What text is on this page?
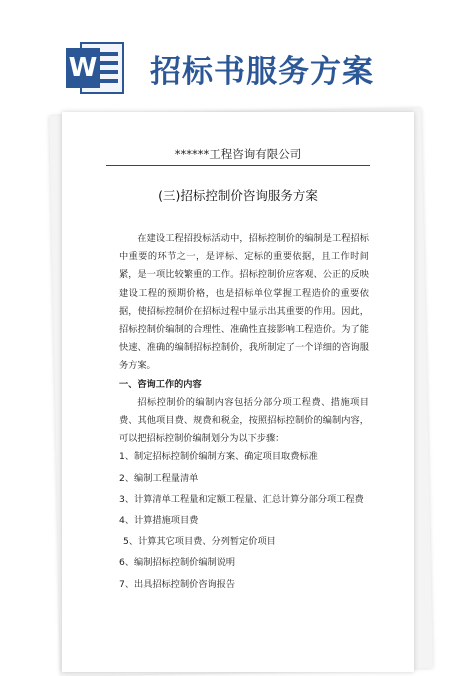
W 招标书服务方案
******工程咨询有限公司
(三)招标控制价咨询服务方案

在建设工程招投标活动中，招标控制价的编制是工程招标中重要的环节之一，是评标、定标的重要依据，且工作时间紧，是一项比较繁重的工作。招标控制价应客观、公正的反映建设工程的预期价格，也是招标单位掌握工程造价的重要依据，使招标控制价在招标过程中显示出其重要的作用。因此，招标控制价编制的合理性、准确性直接影响工程造价。为了能快速、准确的编制招标控制价，我所制定了一个详细的咨询服务方案。

一、咨询工作的内容

招标控制价的编制内容包括分部分项工程费、措施项目费、其他项目费、规费和税金，按照招标控制价的编制内容，可以把招标控制价编制划分为以下步骤：

1、制定招标控制价编制方案、确定项目取费标准

2、编制工程量清单

3、计算清单工程量和定额工程量、汇总计算分部分项工程费

4、计算措施项目费

5、计算其它项目费、分列暂定价项目

6、编制招标控制价编制说明

7、出具招标控制价咨询报告
